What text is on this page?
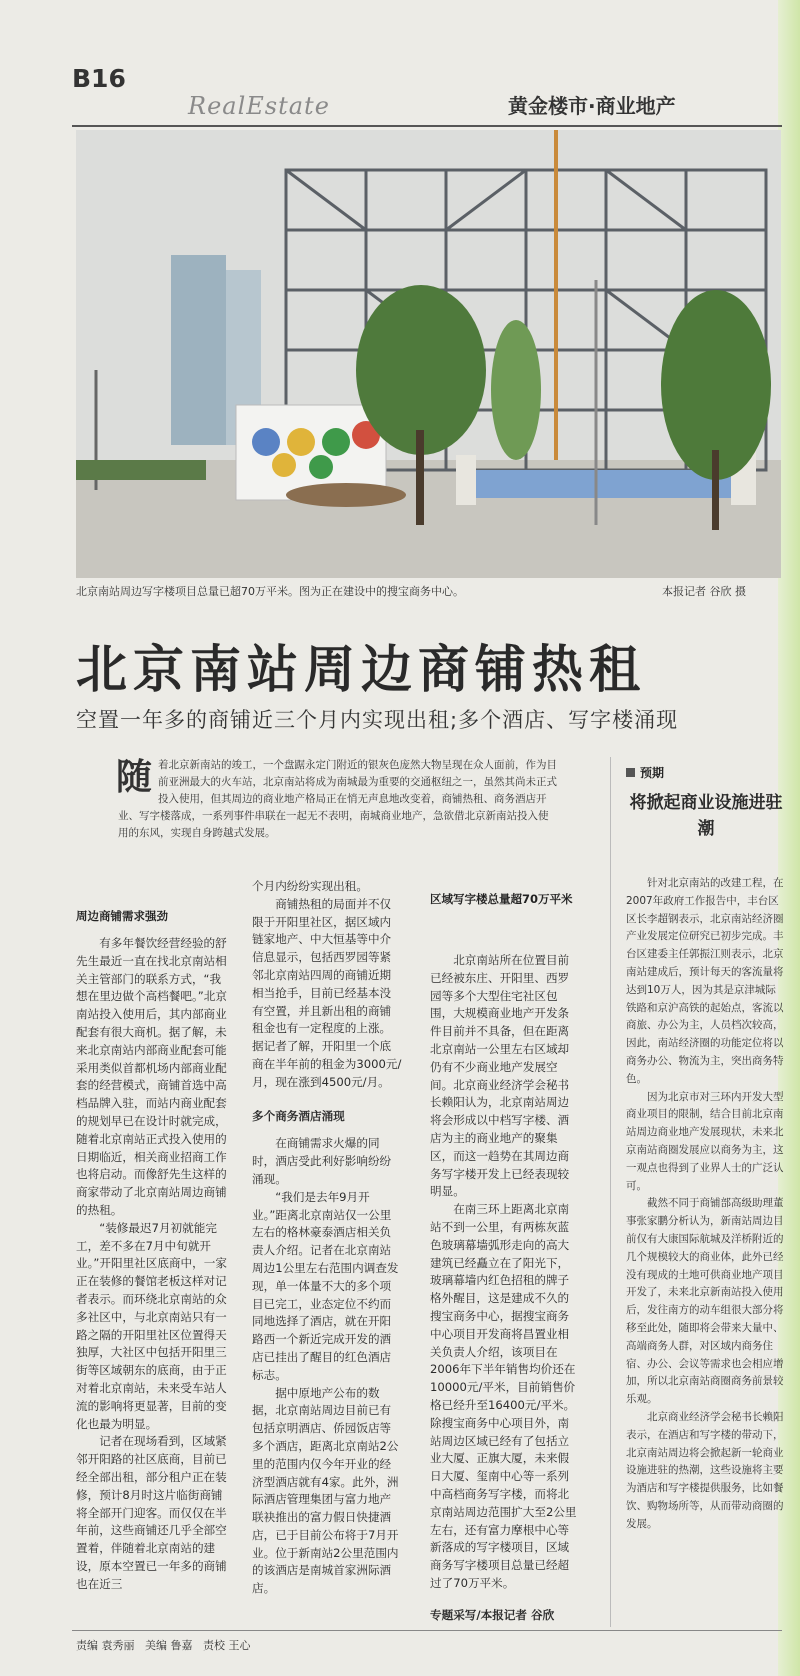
B16
RealEstate	黄金楼市·商业地产
北京南站周边写字楼项目总量已超70万平米。图为正在建设中的搜宝商务中心。	本报记者 谷欣 摄
北京南站周边商铺热租
空置一年多的商铺近三个月内实现出租;多个酒店、写字楼涌现
随 着北京新南站的竣工，一个盘踞永定门附近的银灰色庞然大物呈现在众人面前，作为目前亚洲最大的火车站，北京南站将成为南城最为重要的交通枢纽之一，虽然其尚未正式投入使用，但其周边的商业地产格局正在悄无声息地改变着，商铺热租、商务酒店开业、写字楼落成，一系列事件串联在一起无不表明，南城商业地产，急欲借北京新南站投入使用的东风，实现自身跨越式发展。
周边商铺需求强劲

有多年餐饮经营经验的舒先生最近一直在找北京南站相关主管部门的联系方式，“我想在里边做个高档餐吧。”北京南站投入使用后，其内部商业配套有很大商机。据了解，未来北京南站内部商业配套可能采用类似首都机场内部商业配套的经营模式，商铺首选中高档品牌入驻，而站内商业配套的规划早已在设计时就完成，随着北京南站正式投入使用的日期临近，相关商业招商工作也将启动。而像舒先生这样的商家带动了北京南站周边商铺的热租。

“装修最迟7月初就能完工，差不多在7月中旬就开业。”开阳里社区底商中，一家正在装修的餐馆老板这样对记者表示。而环绕北京南站的众多社区中，与北京南站只有一路之隔的开阳里社区位置得天独厚，大社区中包括开阳里三街等区域朝东的底商，由于正对着北京南站，未来受车站人流的影响将更显著，目前的变化也最为明显。

记者在现场看到，区域紧邻开阳路的社区底商，目前已经全部出租，部分租户正在装修，预计8月时这片临街商铺将全部开门迎客。而仅仅在半年前，这些商铺还几乎全部空置着，伴随着北京南站的建设，原本空置已一年多的商铺也在近三

个月内纷纷实现出租。

商铺热租的局面并不仅限于开阳里社区，据区域内链家地产、中大恒基等中介信息显示，包括西罗园等紧邻北京南站四周的商铺近期相当抢手，目前已经基本没有空置，并且新出租的商铺租金也有一定程度的上涨。据记者了解，开阳里一个底商在半年前的租金为3000元/月，现在涨到4500元/月。

多个商务酒店涌现

在商铺需求火爆的同时，酒店受此利好影响纷纷涌现。

“我们是去年9月开业。”距离北京南站仅一公里左右的格林豪泰酒店相关负责人介绍。记者在北京南站周边1公里左右范围内调查发现，单一体量不大的多个项目已完工，业态定位不约而同地选择了酒店，就在开阳路西一个新近完成开发的酒店已挂出了醒目的红色酒店标志。

据中原地产公布的数据，北京南站周边目前已有包括京明酒店、侨园饭店等多个酒店，距离北京南站2公里的范围内仅今年开业的经济型酒店就有4家。此外，洲际酒店管理集团与富力地产联袂推出的富力假日快捷酒店，已于目前公布将于7月开业。位于新南站2公里范围内的该酒店是南城首家洲际酒店。

区域写字楼总量超70万平米

北京南站所在位置目前已经被东庄、开阳里、西罗园等多个大型住宅社区包围，大规模商业地产开发条件目前并不具备，但在距离北京南站一公里左右区域却仍有不少商业地产发展空间。北京商业经济学会秘书长赖阳认为，北京南站周边将会形成以中档写字楼、酒店为主的商业地产的聚集区，而这一趋势在其周边商务写字楼开发上已经表现较明显。

在南三环上距离北京南站不到一公里，有两栋灰蓝色玻璃幕墙弧形走向的高大建筑已经矗立在了阳光下，玻璃幕墙内红色招租的牌子格外醒目，这是建成不久的搜宝商务中心，据搜宝商务中心项目开发商将昌置业相关负责人介绍，该项目在2006年下半年销售均价还在10000元/平米，目前销售价格已经升至16400元/平米。除搜宝商务中心项目外，南站周边区域已经有了包括立业大厦、正旗大厦，未来假日大厦、玺南中心等一系列中高档商务写字楼，而将北京南站周边范围扩大至2公里左右，还有富力摩根中心等新落成的写字楼项目，区域商务写字楼项目总量已经超过了70万平米。

专题采写/本报记者 谷欣

预期
将掀起商业设施进驻潮

针对北京南站的改建工程，在2007年政府工作报告中，丰台区区长李超钢表示，北京南站经济圈产业发展定位研究已初步完成。丰台区建委主任郭振江则表示，北京南站建成后，预计每天的客流量将达到10万人，因为其是京津城际铁路和京沪高铁的起始点，客流以商旅、办公为主，人员档次较高，因此，南站经济圈的功能定位将以商务办公、物流为主，突出商务特色。

因为北京市对三环内开发大型商业项目的限制，结合目前北京南站周边商业地产发展现状，未来北京南站商圈发展应以商务为主，这一观点也得到了业界人士的广泛认可。

截然不同于商铺部高级助理董事张家鹏分析认为，新南站周边目前仅有大康国际航城及洋桥附近的几个规模较大的商业体，此外已经没有现成的土地可供商业地产项目开发了，未来北京新南站投入使用后，发往南方的动车组很大部分将移至此处，随即将会带来大量中、高端商务人群，对区域内商务住宿、办公、会议等需求也会相应增加，所以北京南站商圈商务前景较乐观。

北京商业经济学会秘书长赖阳表示，在酒店和写字楼的带动下，北京南站周边将会掀起新一轮商业设施进驻的热潮，这些设施将主要为酒店和写字楼提供服务，比如餐饮、购物场所等，从而带动商圈的发展。

责编 袁秀丽 美编 鲁嘉 责校 王心
